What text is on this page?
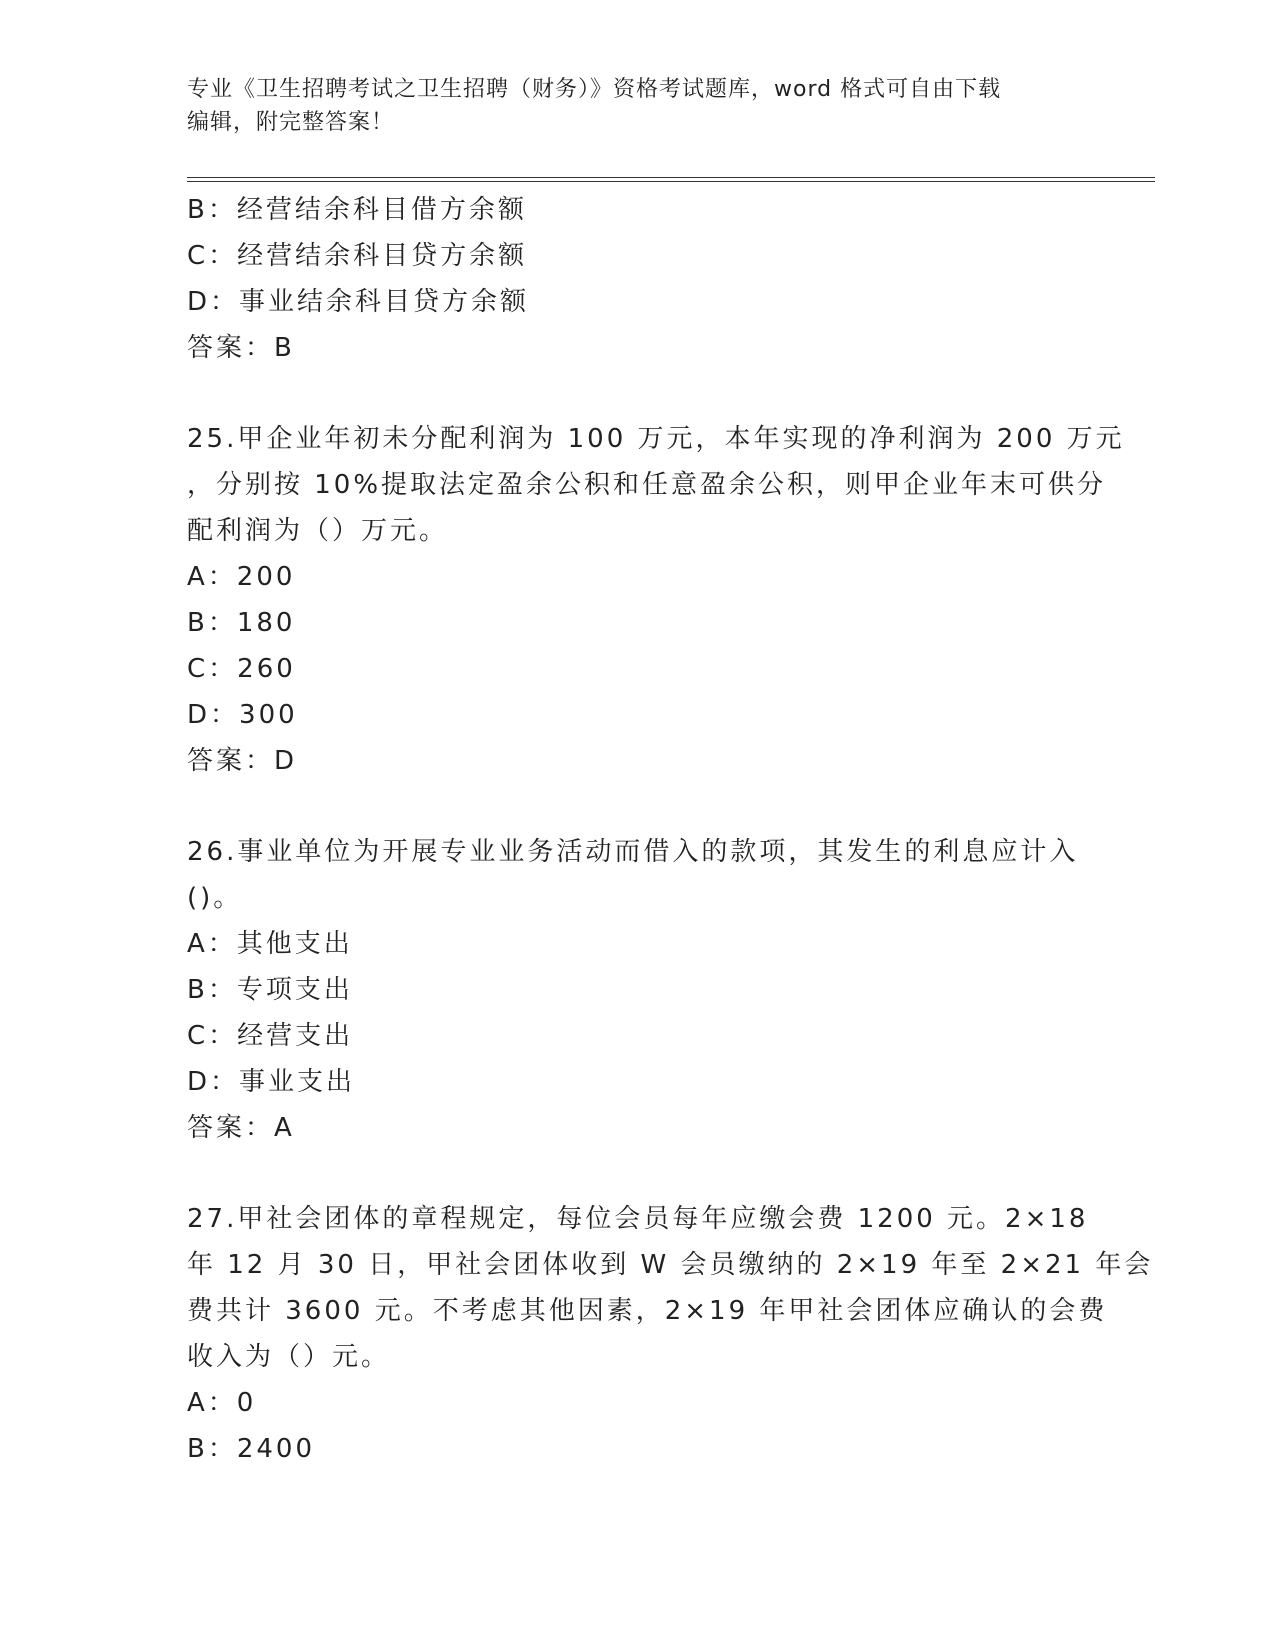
专业《卫生招聘考试之卫生招聘（财务）》资格考试题库，word 格式可自由下载
编辑，附完整答案！
B：经营结余科目借方余额
C：经营结余科目贷方余额
D：事业结余科目贷方余额
答案：B
25.甲企业年初未分配利润为 100 万元，本年实现的净利润为 200 万元
，分别按 10%提取法定盈余公积和任意盈余公积，则甲企业年末可供分
配利润为（）万元。
A：200
B：180
C：260
D：300
答案：D
26.事业单位为开展专业业务活动而借入的款项，其发生的利息应计入
()。
A：其他支出
B：专项支出
C：经营支出
D：事业支出
答案：A
27.甲社会团体的章程规定，每位会员每年应缴会费 1200 元。2×18
年 12 月 30 日，甲社会团体收到 W 会员缴纳的 2×19 年至 2×21 年会
费共计 3600 元。不考虑其他因素，2×19 年甲社会团体应确认的会费
收入为（）元。
A：0
B：2400
